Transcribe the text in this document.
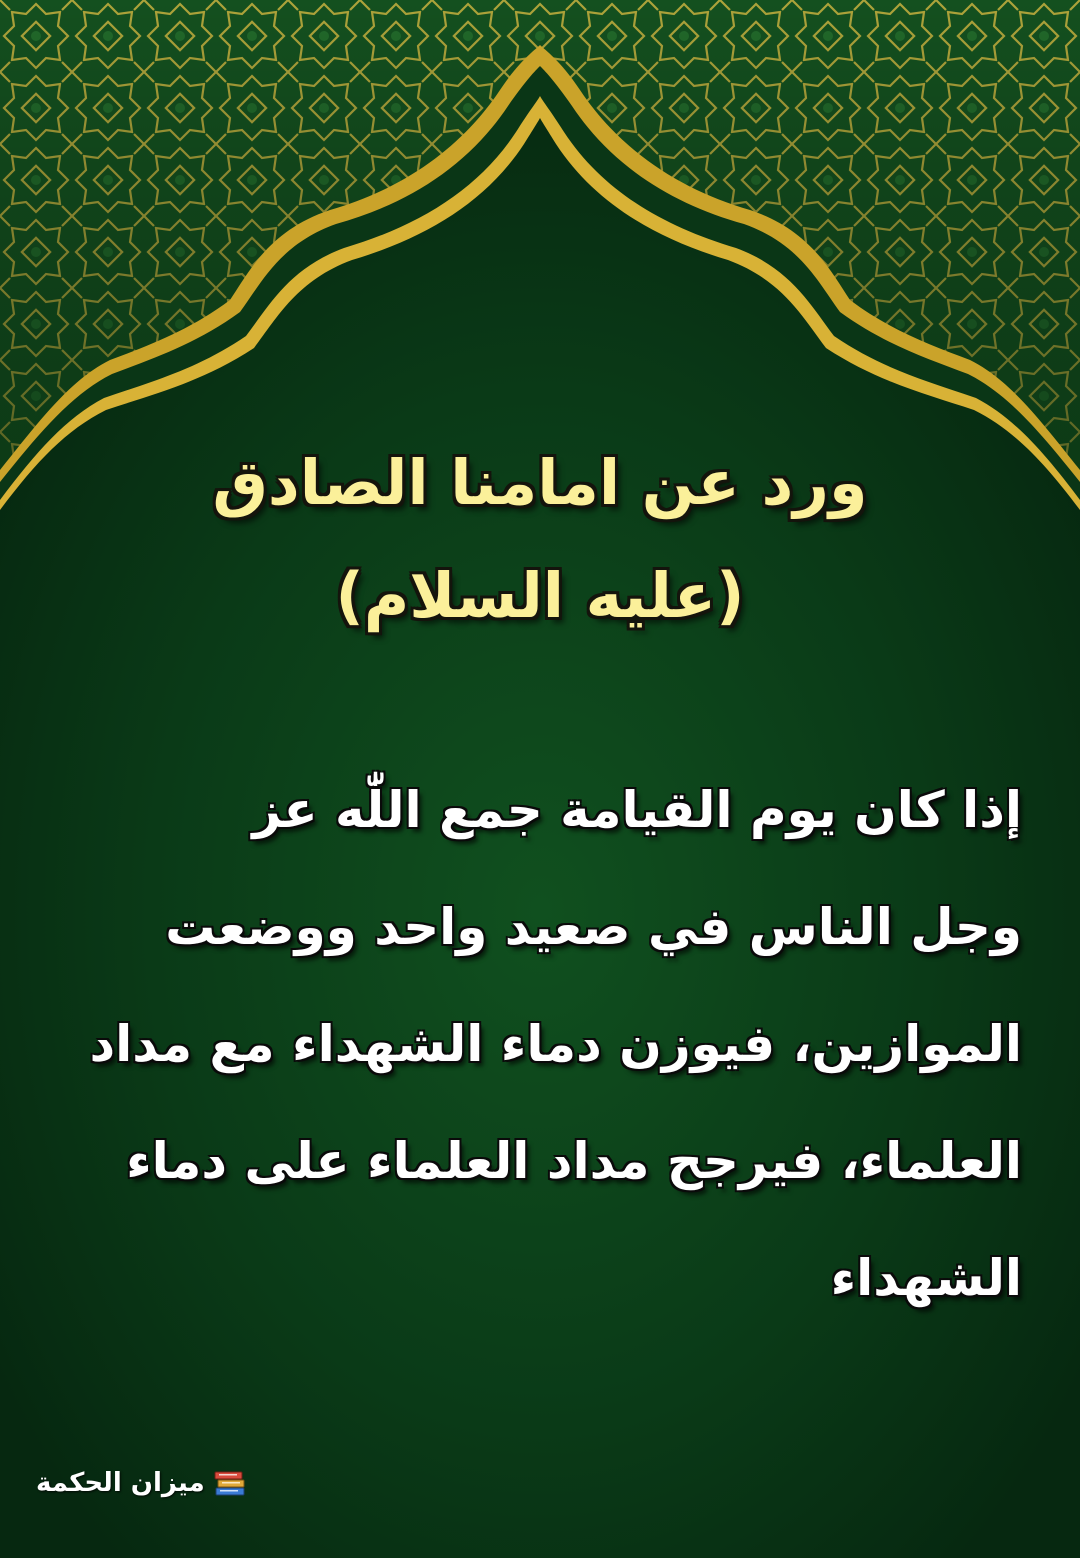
ورد عن امامنا الصادق
(عليه السلام)

إذا كان يوم القيامة جمع اللّٰه عز
وجل الناس في صعيد واحد ووضعت
الموازين، فيوزن دماء الشهداء مع مداد
العلماء، فيرجح مداد العلماء على دماء
الشهداء

ميزان الحكمة
